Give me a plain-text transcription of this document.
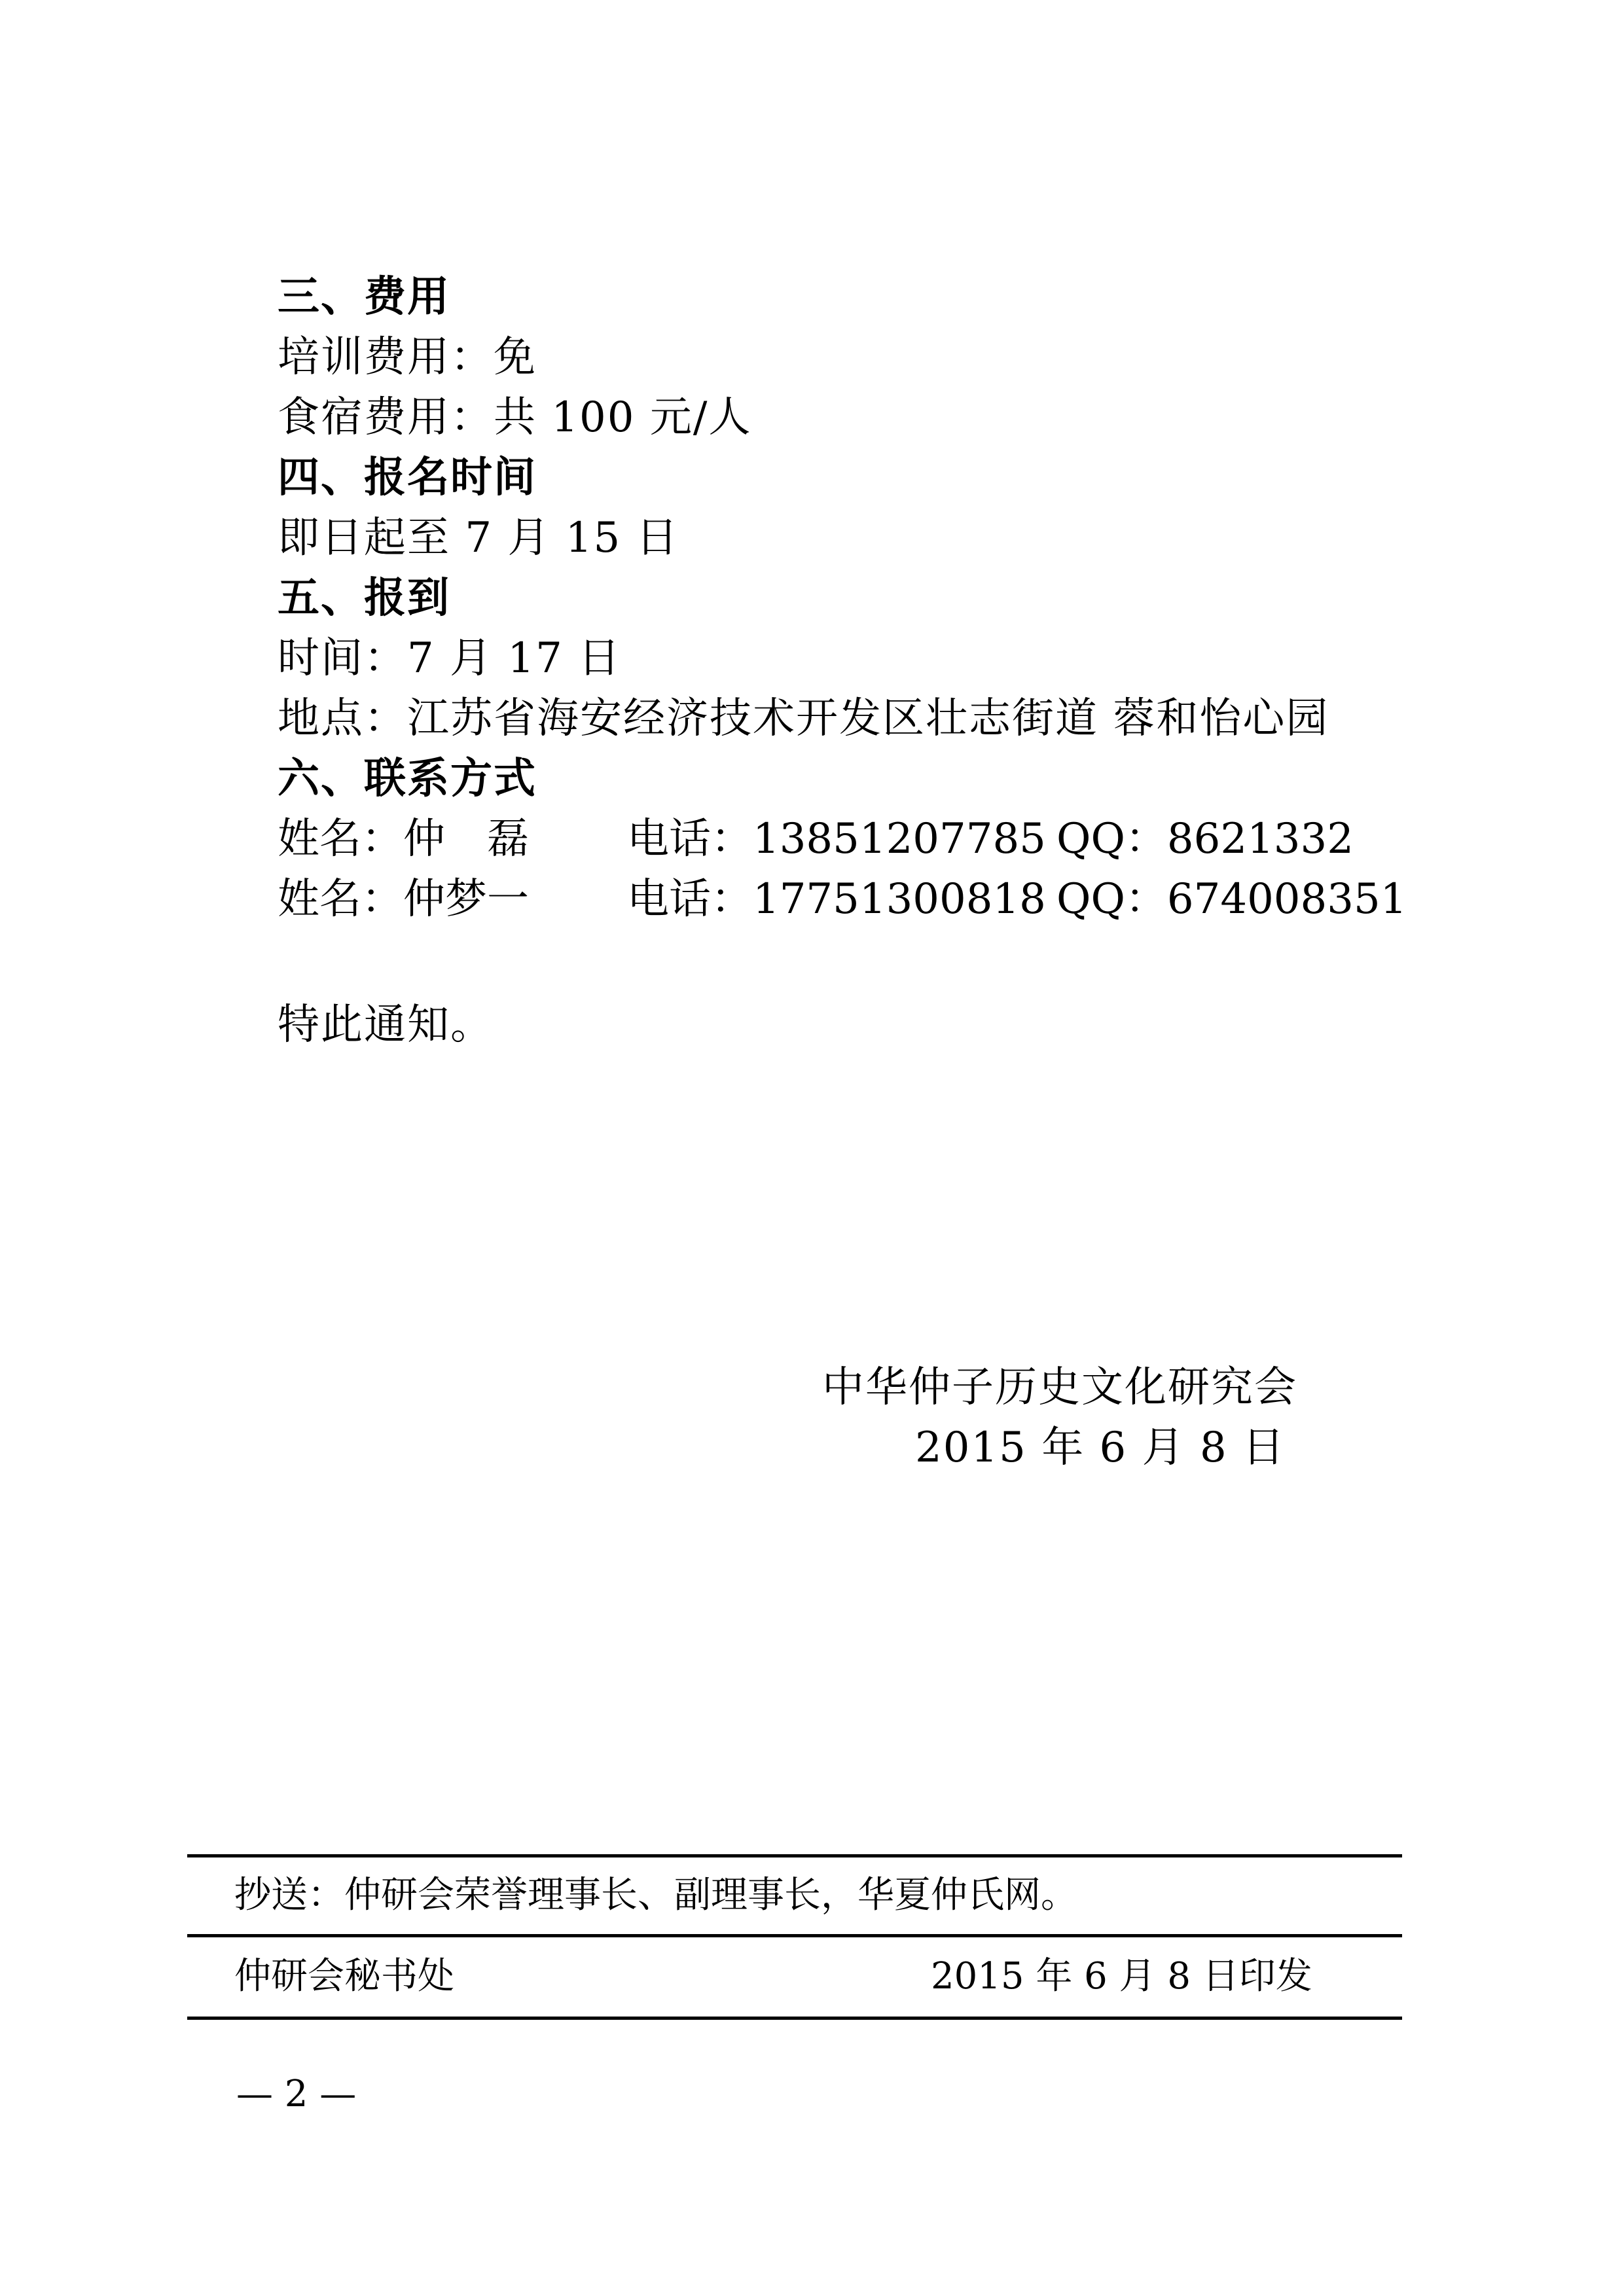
三、费用
培训费用：免
食宿费用：共 100 元/人
四、报名时间
即日起至 7 月 15 日
五、报到
时间：7 月 17 日
地点：江苏省海安经济技术开发区壮志街道 蓉和怡心园
六、联系方式

姓名：仲　磊

电话：13851207785

QQ：8621332

姓名：仲梦一

电话：17751300818

QQ：674008351

特此通知。
中华仲子历史文化研究会
2015 年 6 月 8 日
抄送：仲研会荣誉理事长、副理事长，华夏仲氏网。
仲研会秘书处	2015 年 6 月 8 日印发
— 2 —
